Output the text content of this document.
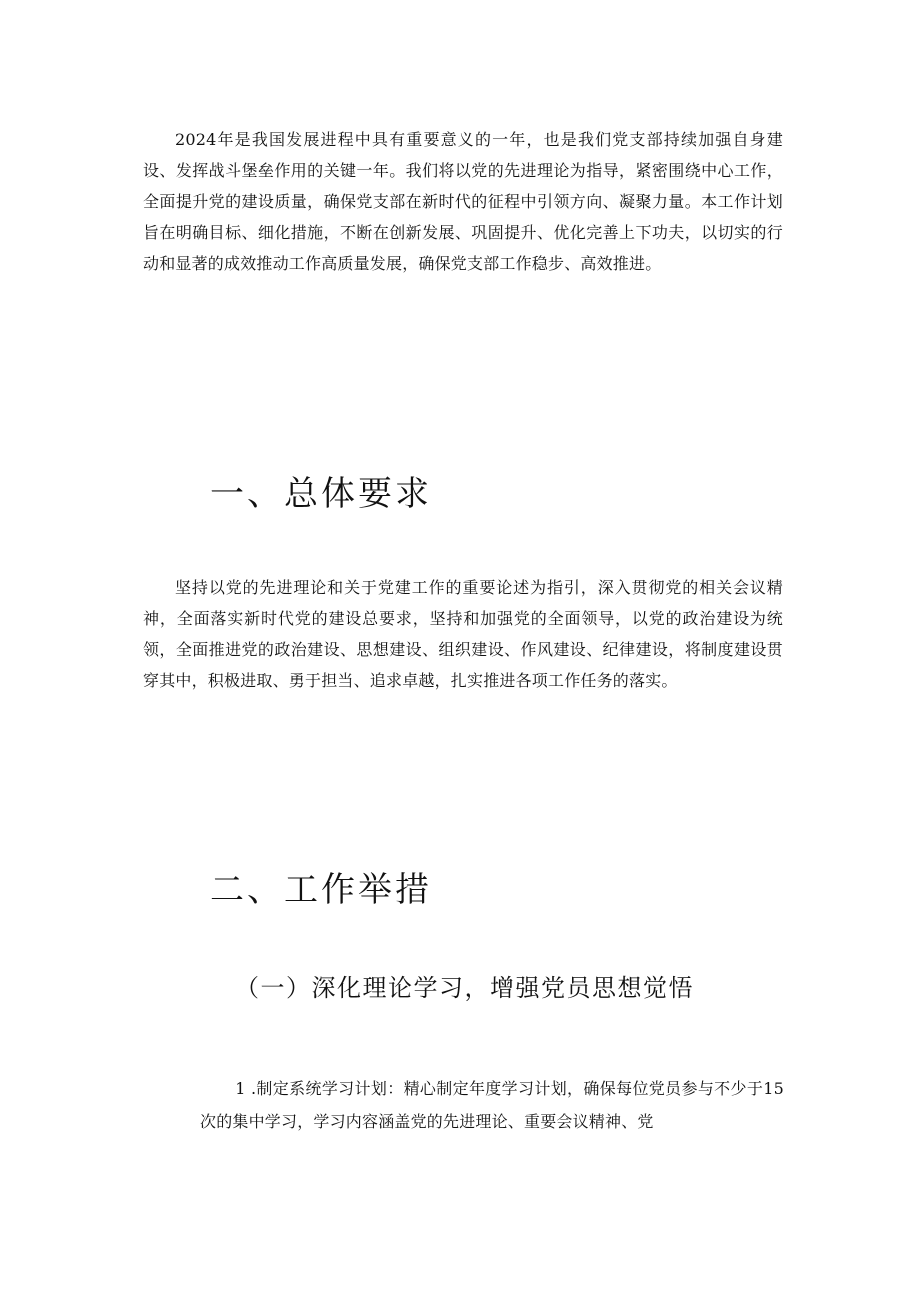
2024年是我国发展进程中具有重要意义的一年，也是我们党支部持续加强自身建设、发挥战斗堡垒作用的关键一年。我们将以党的先进理论为指导，紧密围绕中心工作，全面提升党的建设质量，确保党支部在新时代的征程中引领方向、凝聚力量。本工作计划旨在明确目标、细化措施，不断在创新发展、巩固提升、优化完善上下功夫，以切实的行动和显著的成效推动工作高质量发展，确保党支部工作稳步、高效推进。

一、总体要求

坚持以党的先进理论和关于党建工作的重要论述为指引，深入贯彻党的相关会议精神，全面落实新时代党的建设总要求，坚持和加强党的全面领导，以党的政治建设为统领，全面推进党的政治建设、思想建设、组织建设、作风建设、纪律建设，将制度建设贯穿其中，积极进取、勇于担当、追求卓越，扎实推进各项工作任务的落实。

二、工作举措
（一）深化理论学习，增强党员思想觉悟

1 .制定系统学习计划：精心制定年度学习计划，确保每位党员参与不少于15次的集中学习，学习内容涵盖党的先进理论、重要会议精神、党
